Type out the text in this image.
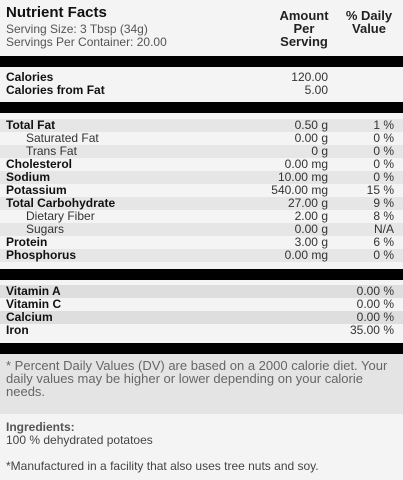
Nutrient Facts
Serving Size: 3 Tbsp (34g)
Servings Per Container: 20.00
Amount
Per
Serving
% Daily
Value
Calories	120.00
Calories from Fat	5.00
Total Fat	0.50 g	1 %
Saturated Fat	0.00 g	0 %
Trans Fat	0 g	0 %
Cholesterol	0.00 mg	0 %
Sodium	10.00 mg	0 %
Potassium	540.00 mg	15 %
Total Carbohydrate	27.00 g	9 %
Dietary Fiber	2.00 g	8 %
Sugars	0.00 g	N/A
Protein	3.00 g	6 %
Phosphorus	0.00 mg	0 %
Vitamin A	0.00 %
Vitamin C	0.00 %
Calcium	0.00 %
Iron	35.00 %
* Percent Daily Values (DV) are based on a 2000 calorie diet. Your daily values may be higher or lower depending on your calorie needs.
Ingredients:
100 % dehydrated potatoes
*Manufactured in a facility that also uses tree nuts and soy.
